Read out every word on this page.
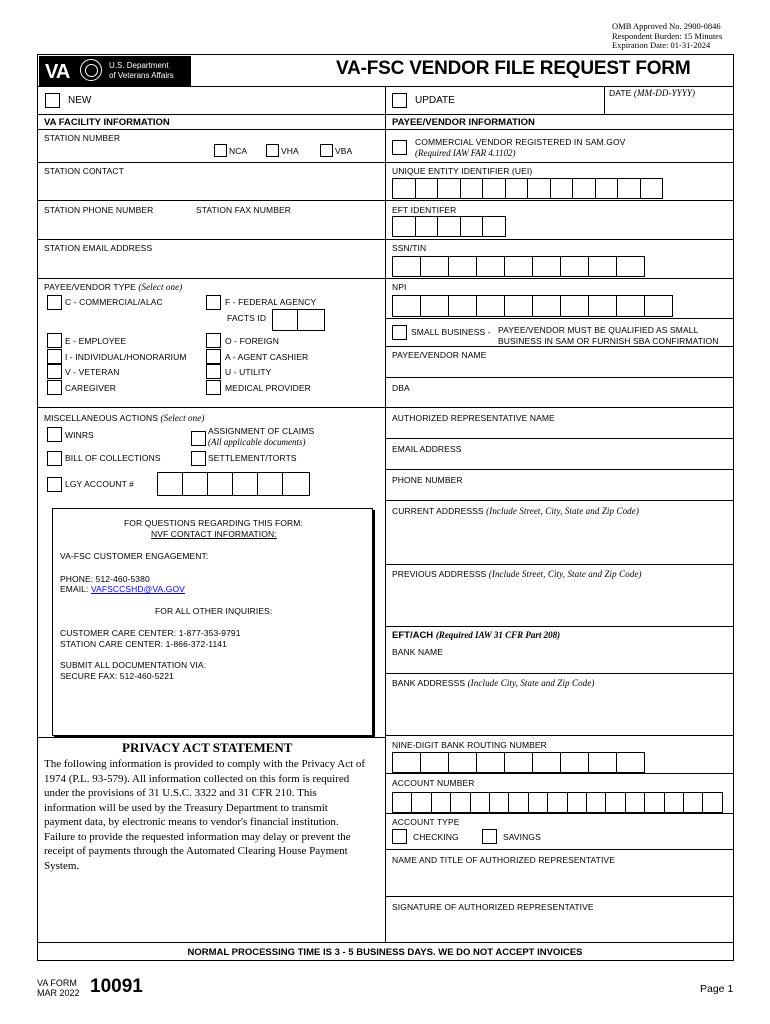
OMB Approved No. 2900-0846
Respondent Burden: 15 Minutes
Expiration Date: 01-31-2024
VA	U.S. Department
of Veterans Affairs	VA-FSC VENDOR FILE REQUEST FORM
NEW	UPDATE
DATE (MM-DD-YYYY)
VA FACILITY INFORMATION	PAYEE/VENDOR INFORMATION
STATION NUMBER
NCA	VHA	VBA
STATION CONTACT
STATION PHONE NUMBER	STATION FAX NUMBER
STATION EMAIL ADDRESS
PAYEE/VENDOR TYPE (Select one)
C - COMMERCIAL/ALAC	F - FEDERAL AGENCY
FACTS ID
E - EMPLOYEE	O - FOREIGN
I - INDIVIDUAL/HONORARIUM	A - AGENT CASHIER
V - VETERAN	U - UTILITY
CAREGIVER	MEDICAL PROVIDER
MISCELLANEOUS ACTIONS (Select one)
WINRS	ASSIGNMENT OF CLAIMS
(All applicable documents)
BILL OF COLLECTIONS	SETTLEMENT/TORTS
LGY ACCOUNT #
FOR QUESTIONS REGARDING THIS FORM:
NVF CONTACT INFORMATION:
VA-FSC CUSTOMER ENGAGEMENT:
PHONE: 512-460-5380
EMAIL: VAFSCCSHD@VA.GOV
FOR ALL OTHER INQUIRIES:
CUSTOMER CARE CENTER: 1-877-353-9791
STATION CARE CENTER: 1-866-372-1141
SUBMIT ALL DOCUMENTATION VIA:
SECURE FAX: 512-460-5221
PRIVACY ACT STATEMENT
The following information is provided to comply with the Privacy Act of
1974 (P.L. 93-579). All information collected on this form is required
under the provisions of 31 U.S.C. 3322 and 31 CFR 210. This
information will be used by the Treasury Department to transmit
payment data, by electronic means to vendor's financial institution.
Failure to provide the requested information may delay or prevent the
receipt of payments through the Automated Clearing House Payment
System.
COMMERCIAL VENDOR REGISTERED IN SAM.GOV
(Required IAW FAR 4.1102)
UNIQUE ENTITY IDENTIFIER (UEI)
EFT IDENTIFER
SSN/TIN
NPI
SMALL BUSINESS - PAYEE/VENDOR MUST BE QUALIFIED AS SMALL
BUSINESS IN SAM OR FURNISH SBA CONFIRMATION
PAYEE/VENDOR NAME
DBA
AUTHORIZED REPRESENTATIVE NAME
EMAIL ADDRESS
PHONE NUMBER
CURRENT ADDRESSS (Include Street, City, State and Zip Code)
PREVIOUS ADDRESSS (Include Street, City, State and Zip Code)
EFT/ACH (Required IAW 31 CFR Part 208)
BANK NAME
BANK ADDRESSS (Include City, State and Zip Code)
NINE-DIGIT BANK ROUTING NUMBER
ACCOUNT NUMBER
ACCOUNT TYPE
CHECKING	SAVINGS
NAME AND TITLE OF AUTHORIZED REPRESENTATIVE
SIGNATURE OF AUTHORIZED REPRESENTATIVE
NORMAL PROCESSING TIME IS 3 - 5 BUSINESS DAYS. WE DO NOT ACCEPT INVOICES
VA FORM
MAR 2022 10091	Page 1
